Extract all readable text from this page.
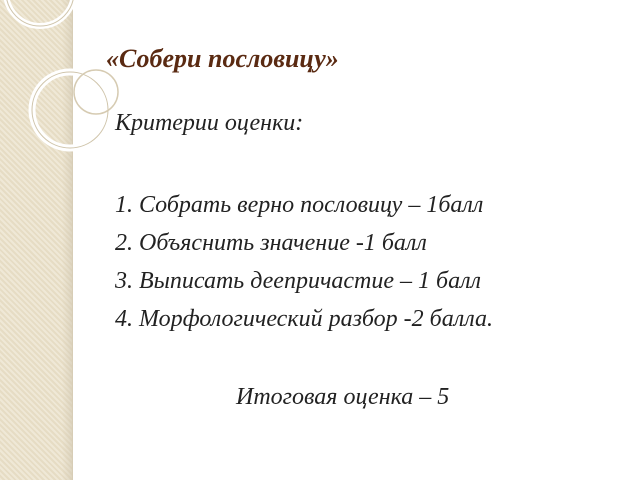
«Собери пословицу»
Критерии оценки:
1. Собрать верно пословицу – 1балл
2. Объяснить значение -1 балл
3. Выписать деепричастие – 1 балл
4. Морфологический разбор -2 балла.
Итоговая оценка – 5
